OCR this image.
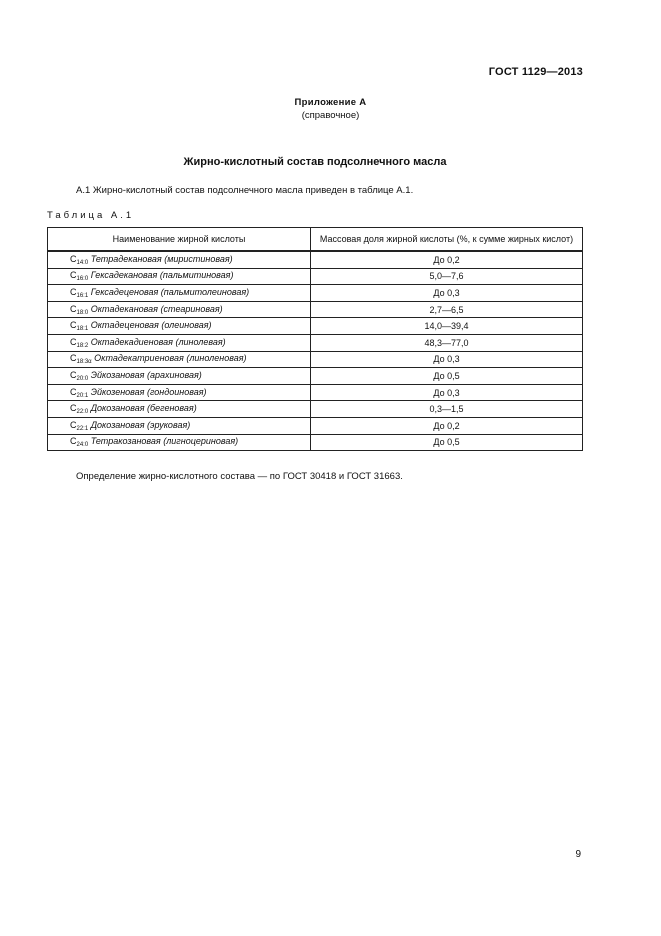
ГОСТ 1129—2013
Приложение А
(справочное)
Жирно-кислотный состав подсолнечного масла
А.1 Жирно-кислотный состав подсолнечного масла приведен в таблице А.1.
Таблица А.1
Наименование жирной кислоты	Массовая доля жирной кислоты (%, к сумме жирных кислот)
$C_{14:0}$ Тетрадекановая (миристиновая)	До 0,2
$C_{16:0}$ Гексадекановая (пальмитиновая)	5,0—7,6
$C_{16:1}$ Гексадеценовая (пальмитолеиновая)	До 0,3
$C_{18:0}$ Октадекановая (стеариновая)	2,7—6,5
$C_{18:1}$ Октадеценовая (олеиновая)	14,0—39,4
$C_{18:2}$ Октадекадиеновая (линолевая)	48,3—77,0
$C_{18:3\alpha}$ Октадекатриеновая (линоленовая)	До 0,3
$C_{20:0}$ Эйкозановая (арахиновая)	До 0,5
$C_{20:1}$ Эйкозеновая (гондоиновая)	До 0,3
$C_{22:0}$ Докозановая (бегеновая)	0,3—1,5
$C_{22:1}$ Докозановая (эруковая)	До 0,2
$C_{24:0}$ Тетракозановая (лигноцериновая)	До 0,5
Определение жирно-кислотного состава — по ГОСТ 30418 и ГОСТ 31663.
9
